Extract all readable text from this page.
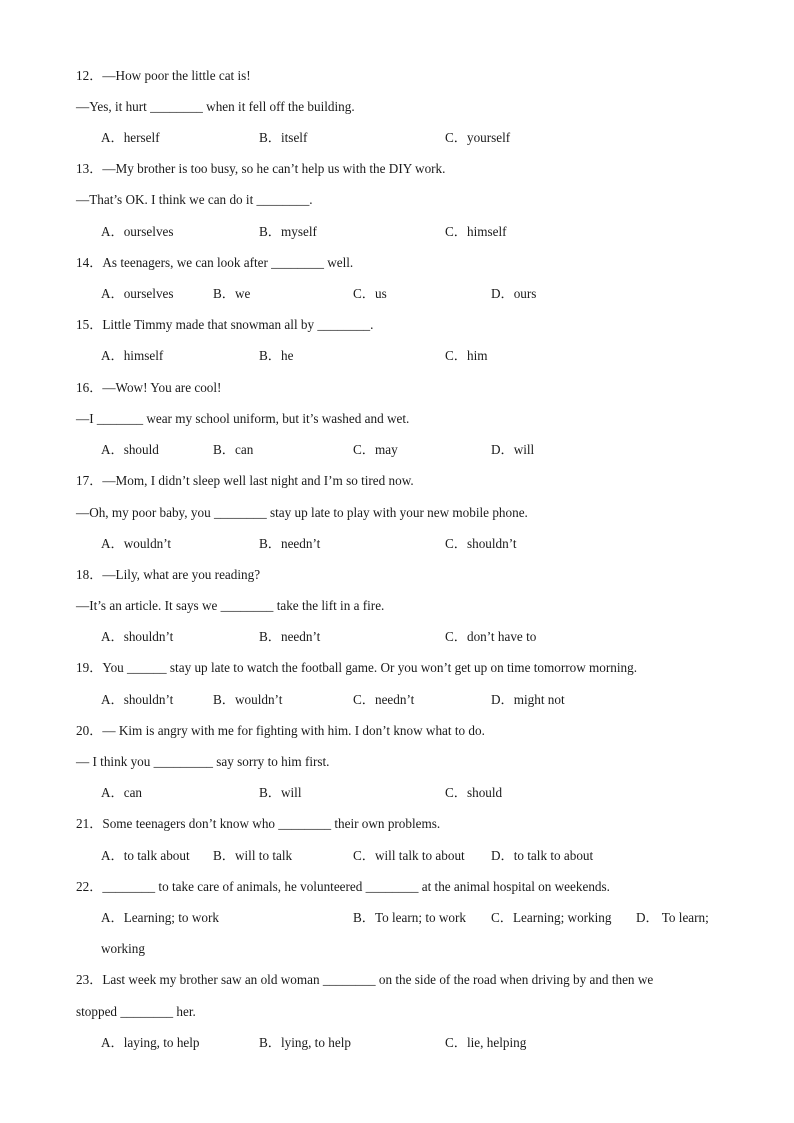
12．—How poor the little cat is!
—Yes, it hurt ________ when it fell off the building.
A．herself	B．itself	C．yourself
13．—My brother is too busy, so he can’t help us with the DIY work.
—That’s OK. I think we can do it ________.
A．ourselves	B．myself	C．himself
14．As teenagers, we can look after ________ well.
A．ourselves	B．we	C．us	D．ours
15．Little Timmy made that snowman all by ________.
A．himself	B．he	C．him
16．—Wow! You are cool!
—I _______ wear my school uniform, but it’s washed and wet.
A．should	B．can	C．may	D．will
17．—Mom, I didn’t sleep well last night and I’m so tired now.
—Oh, my poor baby, you ________ stay up late to play with your new mobile phone.
A．wouldn’t	B．needn’t	C．shouldn’t
18．—Lily, what are you reading?
—It’s an article. It says we ________ take the lift in a fire.
A．shouldn’t	B．needn’t	C．don’t have to
19．You ______ stay up late to watch the football game. Or you won’t get up on time tomorrow morning.
A．shouldn’t	B．wouldn’t	C．needn’t	D．might not
20．— Kim is angry with me for fighting with him. I don’t know what to do.
— I think you _________ say sorry to him first.
A．can	B．will	C．should
21．Some teenagers don’t know who ________ their own problems.
A．to talk about B．will to talk	C．will talk to about D．to talk to about
22．________ to take care of animals, he volunteered ________ at the animal hospital on weekends.
A．Learning; to work	B．To learn; to work C．Learning; working D． To learn;
working
23．Last week my brother saw an old woman ________ on the side of the road when driving by and then we
stopped ________ her.
A．laying, to help	B．lying, to help	C．lie, helping
